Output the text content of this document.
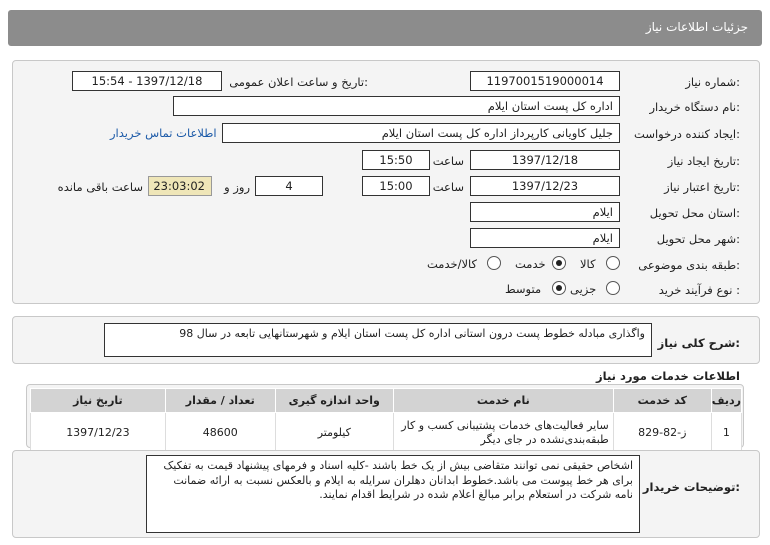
جزئیات اطلاعات نیاز
شماره نیاز:
1197001519000014
تاریخ و ساعت اعلان عمومی:
1397/12/18 - 15:54
نام دستگاه خریدار:
اداره کل پست استان ایلام
ایجاد کننده درخواست:
جلیل کاویانی کارپرداز اداره کل پست استان ایلام
اطلاعات تماس خریدار
تاریخ ایجاد نیاز:
1397/12/18
ساعت
15:50
تاریخ اعتبار نیاز:
1397/12/23
ساعت
15:00
4
روز و
23:03:02
ساعت باقی مانده
استان محل تحویل:
ایلام
شهر محل تحویل:
ایلام
طبقه بندی موضوعی:
کالا
خدمت
کالا/خدمت
نوع فرآیند خرید :
جزیی
متوسط
شرح کلی نیاز:
واگذاری مبادله خطوط پست درون استانی اداره کل پست استان ایلام و شهرستانهایی تابعه در سال 98
اطلاعات خدمات مورد نیاز
ردیف	کد خدمت	نام خدمت	واحد اندازه گیری	تعداد / مقدار	تاریخ نیاز
1	ز-82-829	سایر فعالیت‌های خدمات پشتیبانی کسب و کار طبقه‌بندی‌نشده در جای دیگر	کیلومتر	48600	1397/12/23
توضیحات خریدار:
اشخاص حقیقی نمی توانند متقاضی بیش از یک خط باشند -کلیه اسناد و فرمهای پیشنهاد قیمت به تفکیک برای هر خط پیوست می باشد.خطوط ابدانان دهلران سرایله به ایلام و بالعکس نسبت به ارائه ضمانت نامه شرکت در استعلام برابر مبالغ اعلام شده در شرایط اقدام نمایند.
